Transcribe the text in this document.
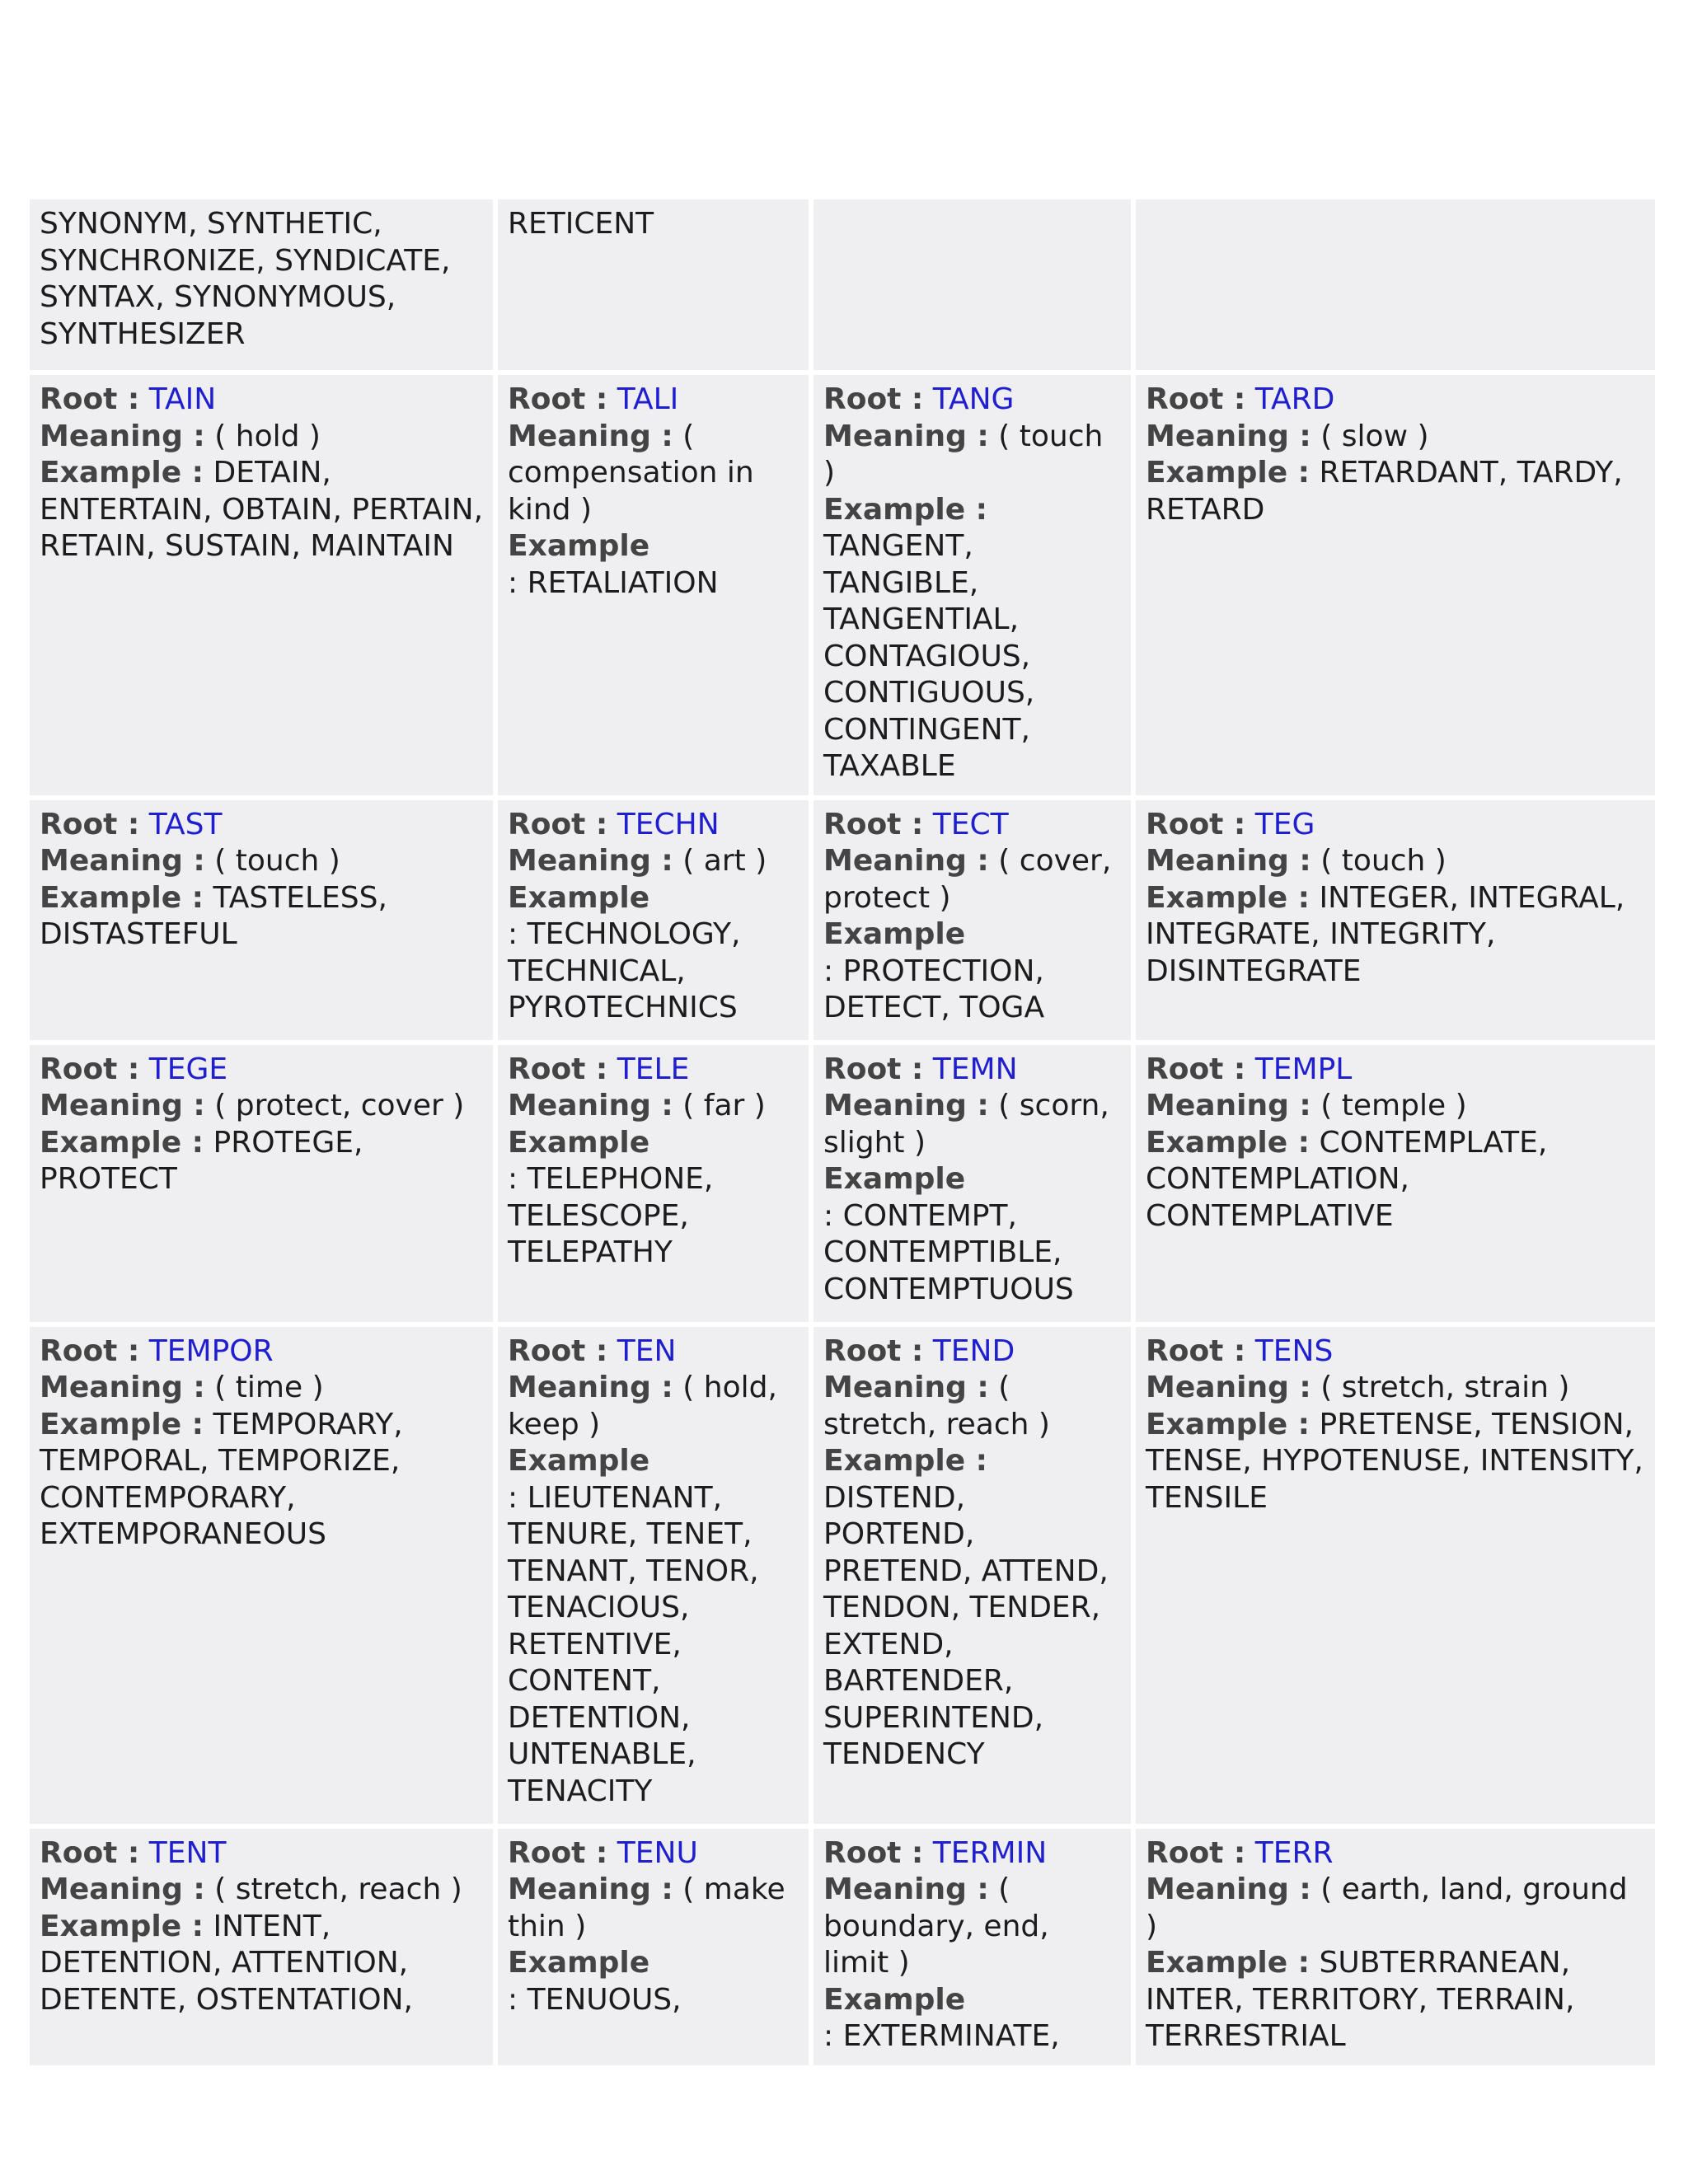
SYNONYM, SYNTHETIC, SYNCHRONIZE, SYNDICATE, SYNTAX, SYNONYMOUS, SYNTHESIZER	RETICENT		
Root : TAIN
Meaning : ( hold )
Example : DETAIN, ENTERTAIN, OBTAIN, PERTAIN, RETAIN, SUSTAIN, MAINTAIN	Root : TALI
Meaning : ( compensation in kind )
Example
: RETALIATION	Root : TANG
Meaning : ( touch )
Example : TANGENT, TANGIBLE, TANGENTIAL, CONTAGIOUS, CONTIGUOUS, CONTINGENT, TAXABLE	Root : TARD
Meaning : ( slow )
Example : RETARDANT, TARDY, RETARD
Root : TAST
Meaning : ( touch )
Example : TASTELESS, DISTASTEFUL	Root : TECHN
Meaning : ( art )
Example
: TECHNOLOGY, TECHNICAL, PYROTECHNICS	Root : TECT
Meaning : ( cover, protect )
Example
: PROTECTION, DETECT, TOGA	Root : TEG
Meaning : ( touch )
Example : INTEGER, INTEGRAL, INTEGRATE, INTEGRITY, DISINTEGRATE
Root : TEGE
Meaning : ( protect, cover )
Example : PROTEGE, PROTECT	Root : TELE
Meaning : ( far )
Example
: TELEPHONE, TELESCOPE, TELEPATHY	Root : TEMN
Meaning : ( scorn, slight )
Example
: CONTEMPT, CONTEMPTIBLE, CONTEMPTUOUS	Root : TEMPL
Meaning : ( temple )
Example : CONTEMPLATE, CONTEMPLATION, CONTEMPLATIVE
Root : TEMPOR
Meaning : ( time )
Example : TEMPORARY, TEMPORAL, TEMPORIZE, CONTEMPORARY, EXTEMPORANEOUS	Root : TEN
Meaning : ( hold, keep )
Example
: LIEUTENANT, TENURE, TENET, TENANT, TENOR, TENACIOUS, RETENTIVE, CONTENT, DETENTION, UNTENABLE, TENACITY	Root : TEND
Meaning : ( stretch, reach )
Example : DISTEND, PORTEND, PRETEND, ATTEND, TENDON, TENDER, EXTEND, BARTENDER, SUPERINTEND, TENDENCY	Root : TENS
Meaning : ( stretch, strain )
Example : PRETENSE, TENSION, TENSE, HYPOTENUSE, INTENSITY, TENSILE
Root : TENT
Meaning : ( stretch, reach )
Example : INTENT, DETENTION, ATTENTION, DETENTE, OSTENTATION,	Root : TENU
Meaning : ( make thin )
Example
: TENUOUS,	Root : TERMIN
Meaning : ( boundary, end, limit )
Example
: EXTERMINATE,	Root : TERR
Meaning : ( earth, land, ground )
Example : SUBTERRANEAN, INTER, TERRITORY, TERRAIN, TERRESTRIAL
